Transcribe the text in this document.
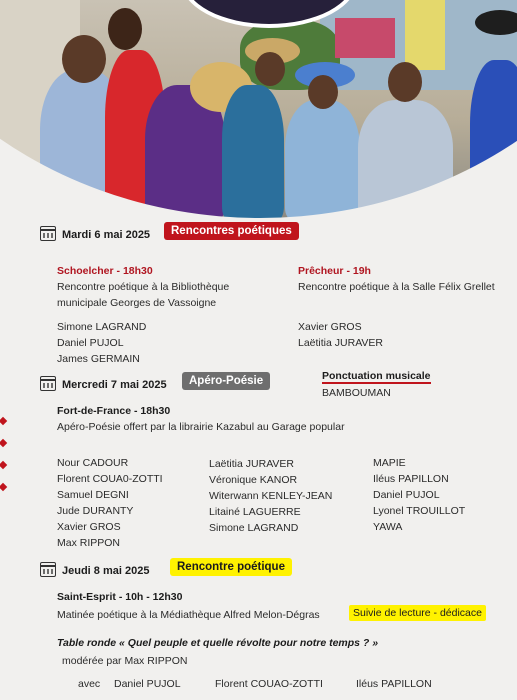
Mardi 6 mai 2025	Rencontres poétiques
Schoelcher - 18h30
Rencontre poétique à la Bibliothèque
municipale Georges de Vassoigne
Simone LAGRAND
Daniel PUJOL
James GERMAIN
Prêcheur - 19h
Rencontre poétique à la Salle Félix Grellet
Xavier GROS
Laëtitia JURAVER
Mercredi 7 mai 2025	Apéro-Poésie	Ponctuation musicale
BAMBOUMAN
Fort-de-France - 18h30
Apéro-Poésie offert par la librairie Kazabul au Garage popular
Nour CADOUR
Florent COUA0-ZOTTI
Samuel DEGNI
Jude DURANTY
Xavier GROS
Max RIPPON
Laëtitia JURAVER
Véronique KANOR
Witerwann KENLEY-JEAN
Litainé LAGUERRE
Simone LAGRAND
MAPIE
Iléus PAPILLON
Daniel PUJOL
Lyonel TROUILLOT
YAWA
Jeudi 8 mai 2025	Rencontre poétique
Saint-Esprit - 10h - 12h30
Matinée poétique à la Médiathèque Alfred Melon-Dégras	Suivie de lecture - dédicace
Table ronde « Quel peuple et quelle révolte pour notre temps ? »
modérée par Max RIPPON
avec Daniel PUJOL	Florent COUAO-ZOTTI	Iléus PAPILLON
